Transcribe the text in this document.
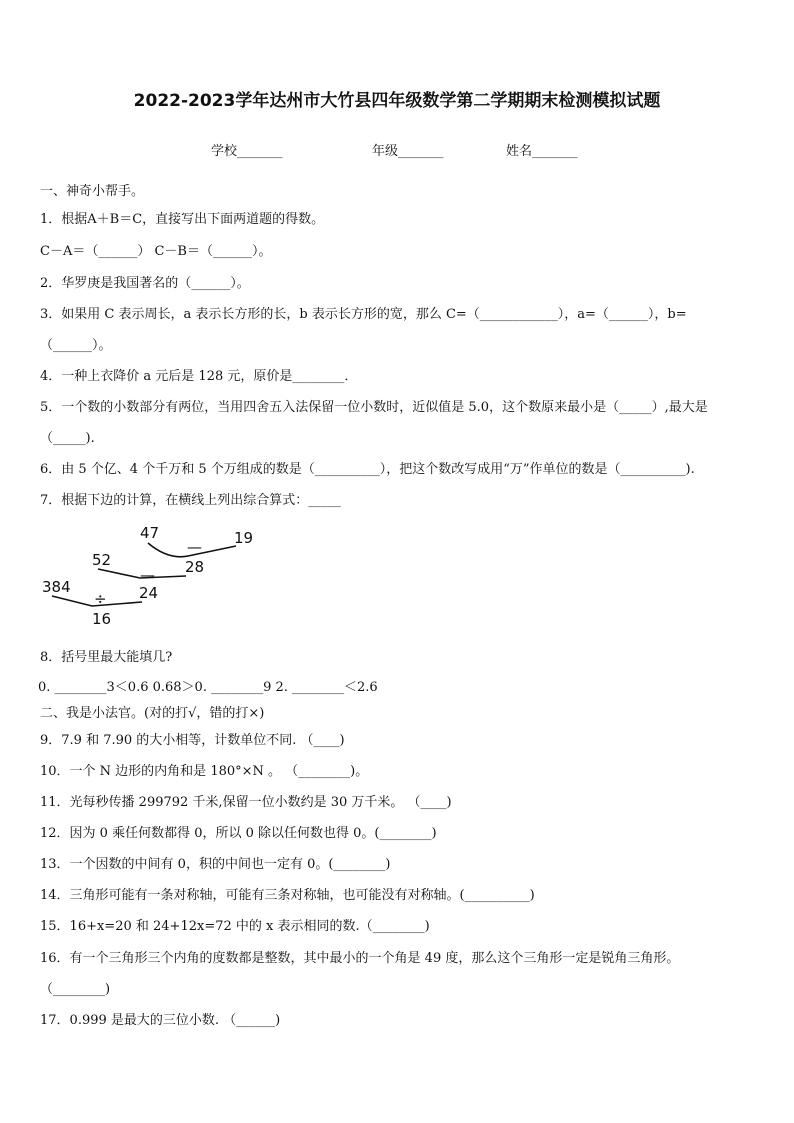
2022-2023学年达州市大竹县四年级数学第二学期期末检测模拟试题
学校_______	年级_______	姓名_______
一、神奇小帮手。
1．根据A＋B＝C，直接写出下面两道题的得数。
C－A＝（______） C－B＝（______）。
2．华罗庚是我国著名的（______）。
3．如果用 C 表示周长，a 表示长方形的长，b 表示长方形的宽，那么 C=（____________），a=（______），b=
（______）。
4．一种上衣降价 a 元后是 128 元，原价是________．
5．一个数的小数部分有两位，当用四舍五入法保留一位小数时，近似值是 5.0，这个数原来最小是（_____）,最大是
（_____).
6．由 5 个亿、4 个千万和 5 个万组成的数是（__________），把这个数改写成用“万”作单位的数是（__________).
7．根据下边的计算，在横线上列出综合算式：_____
47	19
—
28
52
—
24
384
÷
16
8．括号里最大能填几?
0. ________3＜0.6 0.68＞0. ________9 2. ________＜2.6
二、我是小法官。(对的打√，错的打×)
9．7.9 和 7.90 的大小相等，计数单位不同. （____)
10．一个 N 边形的内角和是 180°×N 。 （________)。
11．光每秒传播 299792 千米,保留一位小数约是 30 万千米。 （____)
12．因为 0 乘任何数都得 0，所以 0 除以任何数也得 0。(________)
13．一个因数的中间有 0，积的中间也一定有 0。(________)
14．三角形可能有一条对称轴，可能有三条对称轴，也可能没有对称轴。(__________)
15．16+x=20 和 24+12x=72 中的 x 表示相同的数.（________)
16．有一个三角形三个内角的度数都是整数，其中最小的一个角是 49 度，那么这个三角形一定是锐角三角形。
（________)
17．0.999 是最大的三位小数. （______)
